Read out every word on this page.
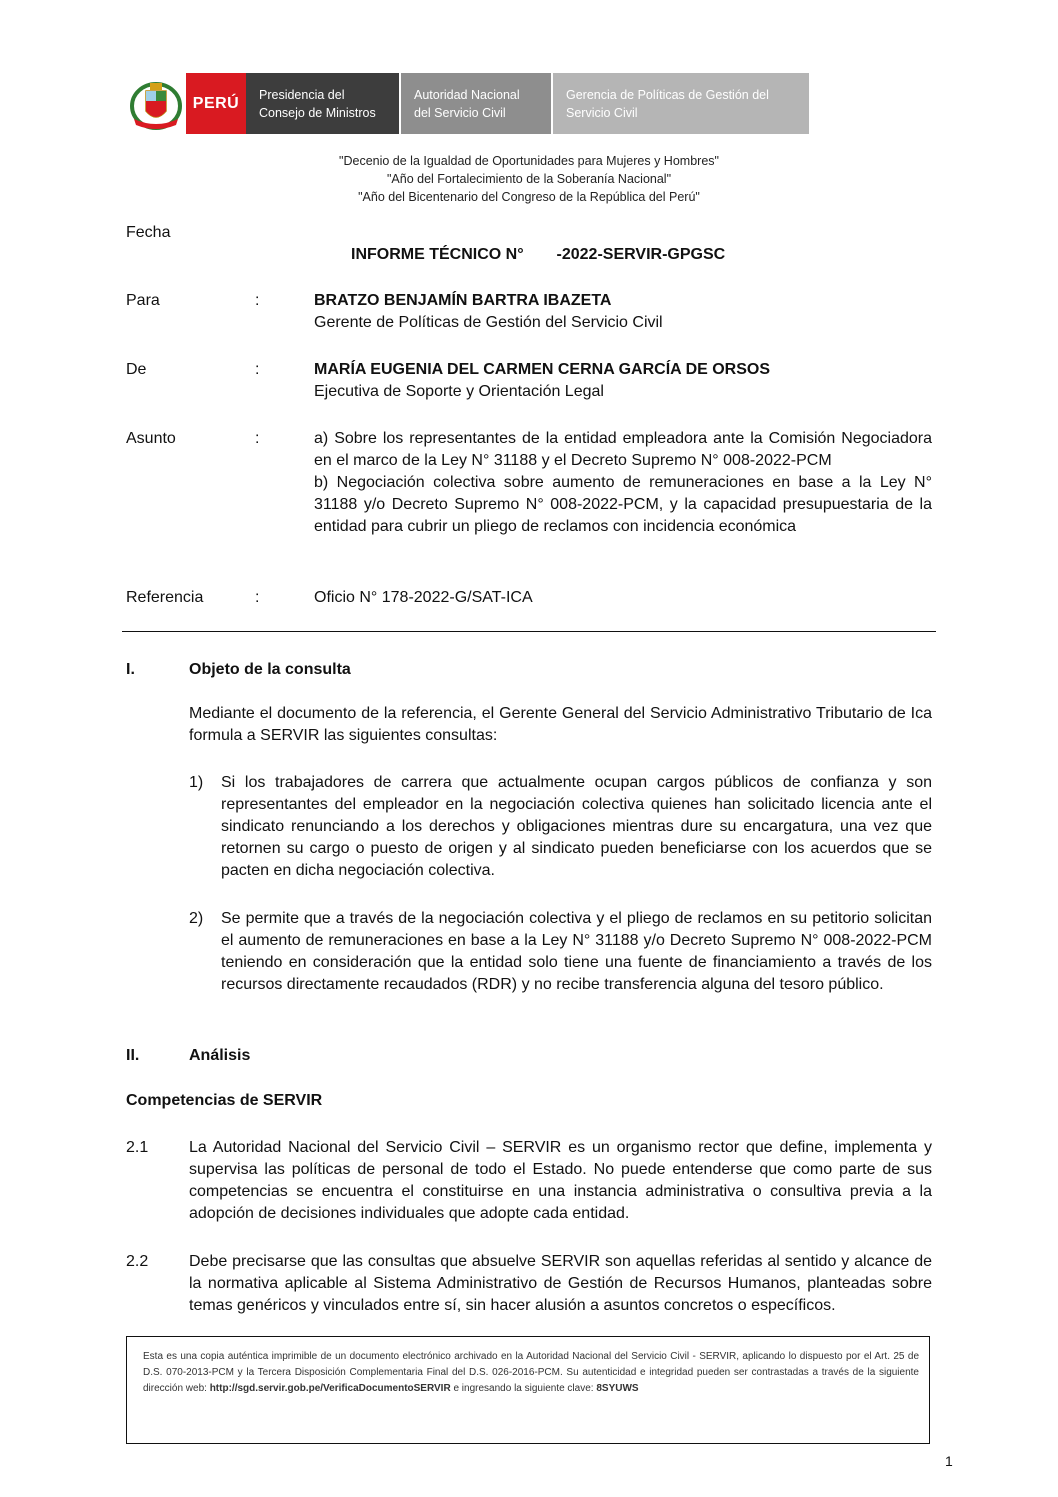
PERÚ Presidencia del
Consejo de Ministros
Autoridad Nacional
del Servicio Civil
Gerencia de Políticas de Gestión del
Servicio Civil
"Decenio de la Igualdad de Oportunidades para Mujeres y Hombres"
"Año del Fortalecimiento de la Soberanía Nacional"
"Año del Bicentenario del Congreso de la República del Perú"
Fecha
INFORME TÉCNICO N° -2022-SERVIR-GPGSC
Para	:	BRATZO BENJAMÍN BARTRA IBAZETA
Gerente de Políticas de Gestión del Servicio Civil
De	:	MARÍA EUGENIA DEL CARMEN CERNA GARCÍA DE ORSOS
Ejecutiva de Soporte y Orientación Legal
Asunto	:	a) Sobre los representantes de la entidad empleadora ante la Comisión Negociadora en el marco de la Ley N° 31188 y el Decreto Supremo N° 008-2022-PCM
b) Negociación colectiva sobre aumento de remuneraciones en base a la Ley N° 31188 y/o Decreto Supremo N° 008-2022-PCM, y la capacidad presupuestaria de la entidad para cubrir un pliego de reclamos con incidencia económica
Referencia	:	Oficio N° 178-2022-G/SAT-ICA
I.	Objeto de la consulta
Mediante el documento de la referencia, el Gerente General del Servicio Administrativo Tributario de Ica formula a SERVIR las siguientes consultas:
1) Si los trabajadores de carrera que actualmente ocupan cargos públicos de confianza y son representantes del empleador en la negociación colectiva quienes han solicitado licencia ante el sindicato renunciando a los derechos y obligaciones mientras dure su encargatura, una vez que retornen su cargo o puesto de origen y al sindicato pueden beneficiarse con los acuerdos que se pacten en dicha negociación colectiva.
2) Se permite que a través de la negociación colectiva y el pliego de reclamos en su petitorio solicitan el aumento de remuneraciones en base a la Ley N° 31188 y/o Decreto Supremo N° 008-2022-PCM teniendo en consideración que la entidad solo tiene una fuente de financiamiento a través de los recursos directamente recaudados (RDR) y no recibe transferencia alguna del tesoro público.
II.	Análisis
Competencias de SERVIR
2.1	La Autoridad Nacional del Servicio Civil – SERVIR es un organismo rector que define, implementa y supervisa las políticas de personal de todo el Estado. No puede entenderse que como parte de sus competencias se encuentra el constituirse en una instancia administrativa o consultiva previa a la adopción de decisiones individuales que adopte cada entidad.
2.2	Debe precisarse que las consultas que absuelve SERVIR son aquellas referidas al sentido y alcance de la normativa aplicable al Sistema Administrativo de Gestión de Recursos Humanos, planteadas sobre temas genéricos y vinculados entre sí, sin hacer alusión a asuntos concretos o específicos.
Esta es una copia auténtica imprimible de un documento electrónico archivado en la Autoridad Nacional del Servicio Civil - SERVIR, aplicando lo dispuesto por el Art. 25 de D.S. 070-2013-PCM y la Tercera Disposición Complementaria Final del D.S. 026-2016-PCM. Su autenticidad e integridad pueden ser contrastadas a través de la siguiente dirección web: http://sgd.servir.gob.pe/VerificaDocumentoSERVIR e ingresando la siguiente clave: 8SYUWS
1
